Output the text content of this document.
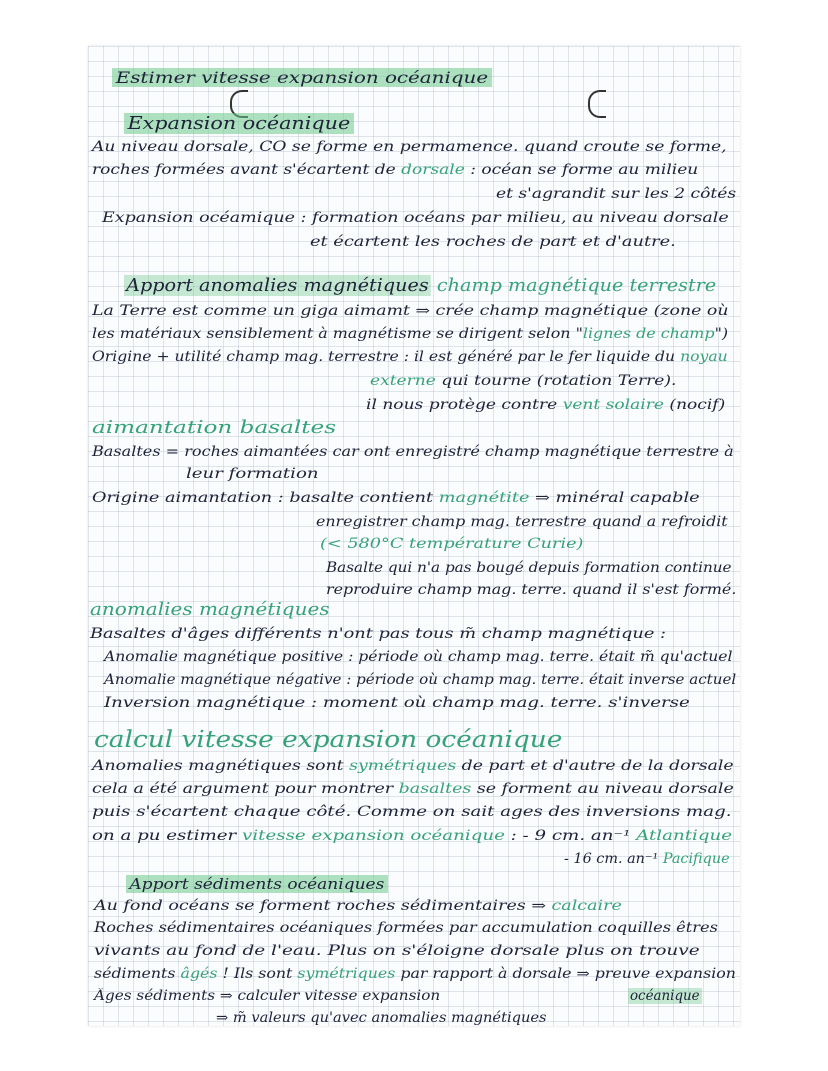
Estimer vitesse expansion océanique
Expansion océanique
Au niveau dorsale, CO se forme en permamence. quand croute se forme,
roches formées avant s'écartent de dorsale : océan se forme au milieu
et s'agrandit sur les 2 côtés
Expansion océamique : formation océans par milieu, au niveau dorsale
et écartent les roches de part et d'autre.
Apport anomalies magnétiques champ magnétique terrestre
La Terre est comme un giga aimamt ⇒ crée champ magnétique (zone où
les matériaux sensiblement à magnétisme se dirigent selon "lignes de champ")
Origine + utilité champ mag. terrestre : il est généré par le fer liquide du noyau
externe qui tourne (rotation Terre).
il nous protège contre vent solaire (nocif)
aimantation basaltes
Basaltes = roches aimantées car ont enregistré champ magnétique terrestre à
leur formation
Origine aimantation : basalte contient magnétite ⇒ minéral capable
enregistrer champ mag. terrestre quand a refroidit
(< 580°C température Curie)
Basalte qui n'a pas bougé depuis formation continue
reproduire champ mag. terre. quand il s'est formé.
anomalies magnétiques
Basaltes d'âges différents n'ont pas tous m̃ champ magnétique :
Anomalie magnétique positive : période où champ mag. terre. était m̃ qu'actuel
Anomalie magnétique négative : période où champ mag. terre. était inverse actuel
Inversion magnétique : moment où champ mag. terre. s'inverse
calcul vitesse expansion océanique
Anomalies magnétiques sont symétriques de part et d'autre de la dorsale
cela a été argument pour montrer basaltes se forment au niveau dorsale
puis s'écartent chaque côté. Comme on sait ages des inversions mag.
on a pu estimer vitesse expansion océanique : - 9 cm. an⁻¹ Atlantique
- 16 cm. an⁻¹ Pacifique
Apport sédiments océaniques
Au fond océans se forment roches sédimentaires ⇒ calcaire
Roches sédimentaires océaniques formées par accumulation coquilles êtres
vivants au fond de l'eau. Plus on s'éloigne dorsale plus on trouve
sédiments âgés ! Ils sont symétriques par rapport à dorsale ⇒ preuve expansion
océanique
Âges sédiments ⇒ calculer vitesse expansion
⇒ m̃ valeurs qu'avec anomalies magnétiques
